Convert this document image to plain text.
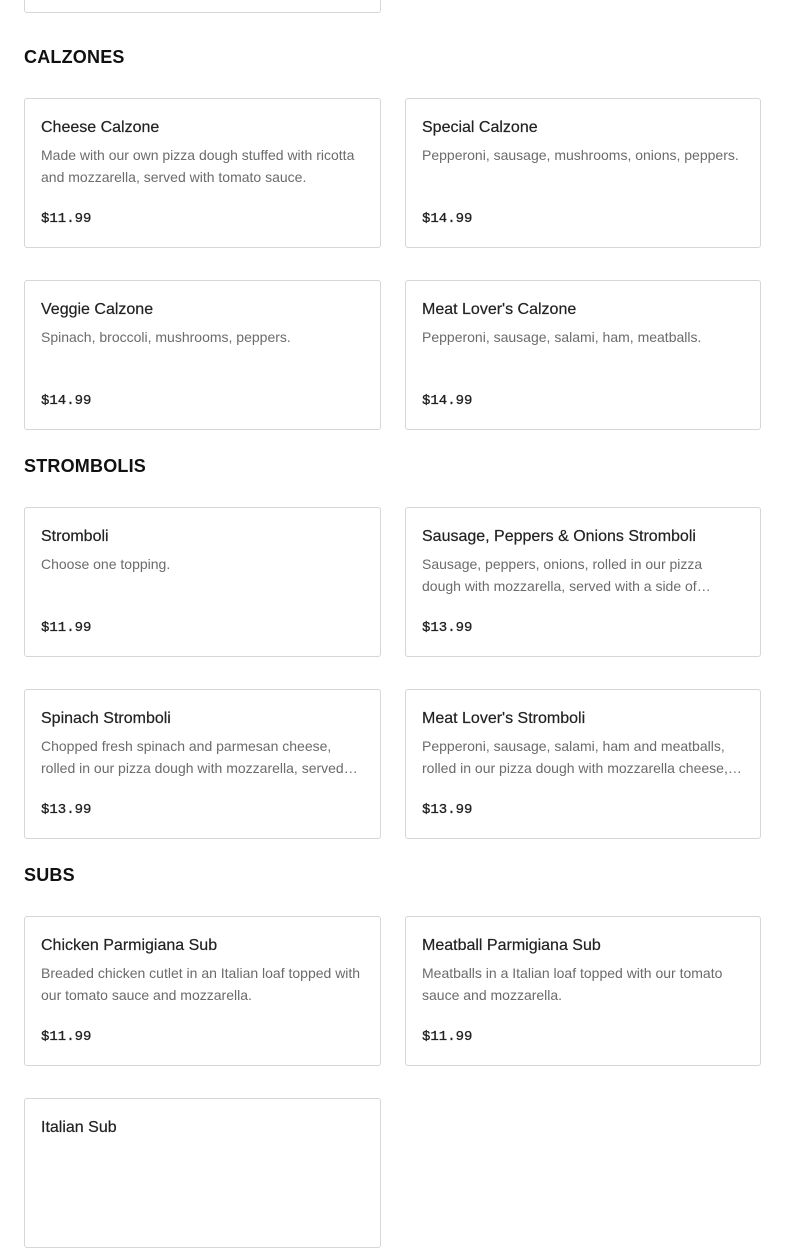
CALZONES
Cheese Calzone
Made with our own pizza dough stuffed with ricotta and mozzarella, served with tomato sauce.
$11.99
Special Calzone
Pepperoni, sausage, mushrooms, onions, peppers.
$14.99
Veggie Calzone
Spinach, broccoli, mushrooms, peppers.
$14.99
Meat Lover's Calzone
Pepperoni, sausage, salami, ham, meatballs.
$14.99
STROMBOLIS
Stromboli
Choose one topping.
$11.99
Sausage, Peppers & Onions Stromboli
Sausage, peppers, onions, rolled in our pizza dough with mozzarella, served with a side of…
$13.99
Spinach Stromboli
Chopped fresh spinach and parmesan cheese, rolled in our pizza dough with mozzarella, served…
$13.99
Meat Lover's Stromboli
Pepperoni, sausage, salami, ham and meatballs, rolled in our pizza dough with mozzarella cheese,…
$13.99
SUBS
Chicken Parmigiana Sub
Breaded chicken cutlet in an Italian loaf topped with our tomato sauce and mozzarella.
$11.99
Meatball Parmigiana Sub
Meatballs in a Italian loaf topped with our tomato sauce and mozzarella.
$11.99
Italian Sub
